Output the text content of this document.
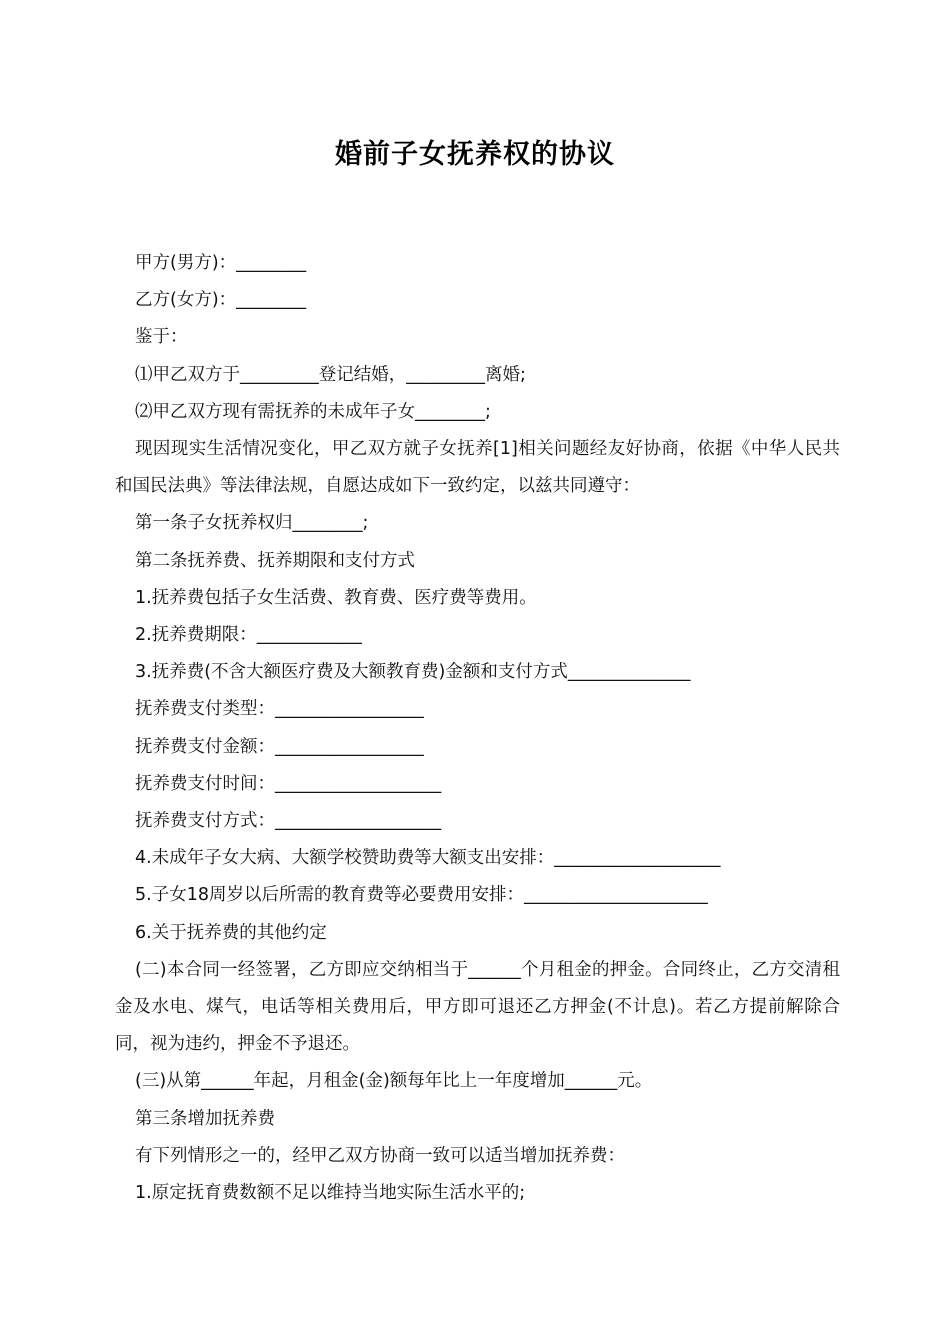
婚前子女抚养权的协议

甲方(男方)：________

乙方(女方)：________

鉴于：

⑴甲乙双方于_________登记结婚，_________离婚;

⑵甲乙双方现有需抚养的未成年子女________;

现因现实生活情况变化，甲乙双方就子女抚养[1]相关问题经友好协商，依据《中华人民共和国民法典》等法律法规，自愿达成如下一致约定，以兹共同遵守：

第一条子女抚养权归________;

第二条抚养费、抚养期限和支付方式

1.抚养费包括子女生活费、教育费、医疗费等费用。

2.抚养费期限：____________

3.抚养费(不含大额医疗费及大额教育费)金额和支付方式______________

抚养费支付类型：_________________

抚养费支付金额：_________________

抚养费支付时间：___________________

抚养费支付方式：___________________

4.未成年子女大病、大额学校赞助费等大额支出安排：___________________

5.子女18周岁以后所需的教育费等必要费用安排：_____________________

6.关于抚养费的其他约定

(二)本合同一经签署，乙方即应交纳相当于______个月租金的押金。合同终止，乙方交清租金及水电、煤气，电话等相关费用后，甲方即可退还乙方押金(不计息)。若乙方提前解除合同，视为违约，押金不予退还。

(三)从第______年起，月租金(金)额每年比上一年度增加______元。

第三条增加抚养费

有下列情形之一的，经甲乙双方协商一致可以适当增加抚养费：

1.原定抚育费数额不足以维持当地实际生活水平的;
